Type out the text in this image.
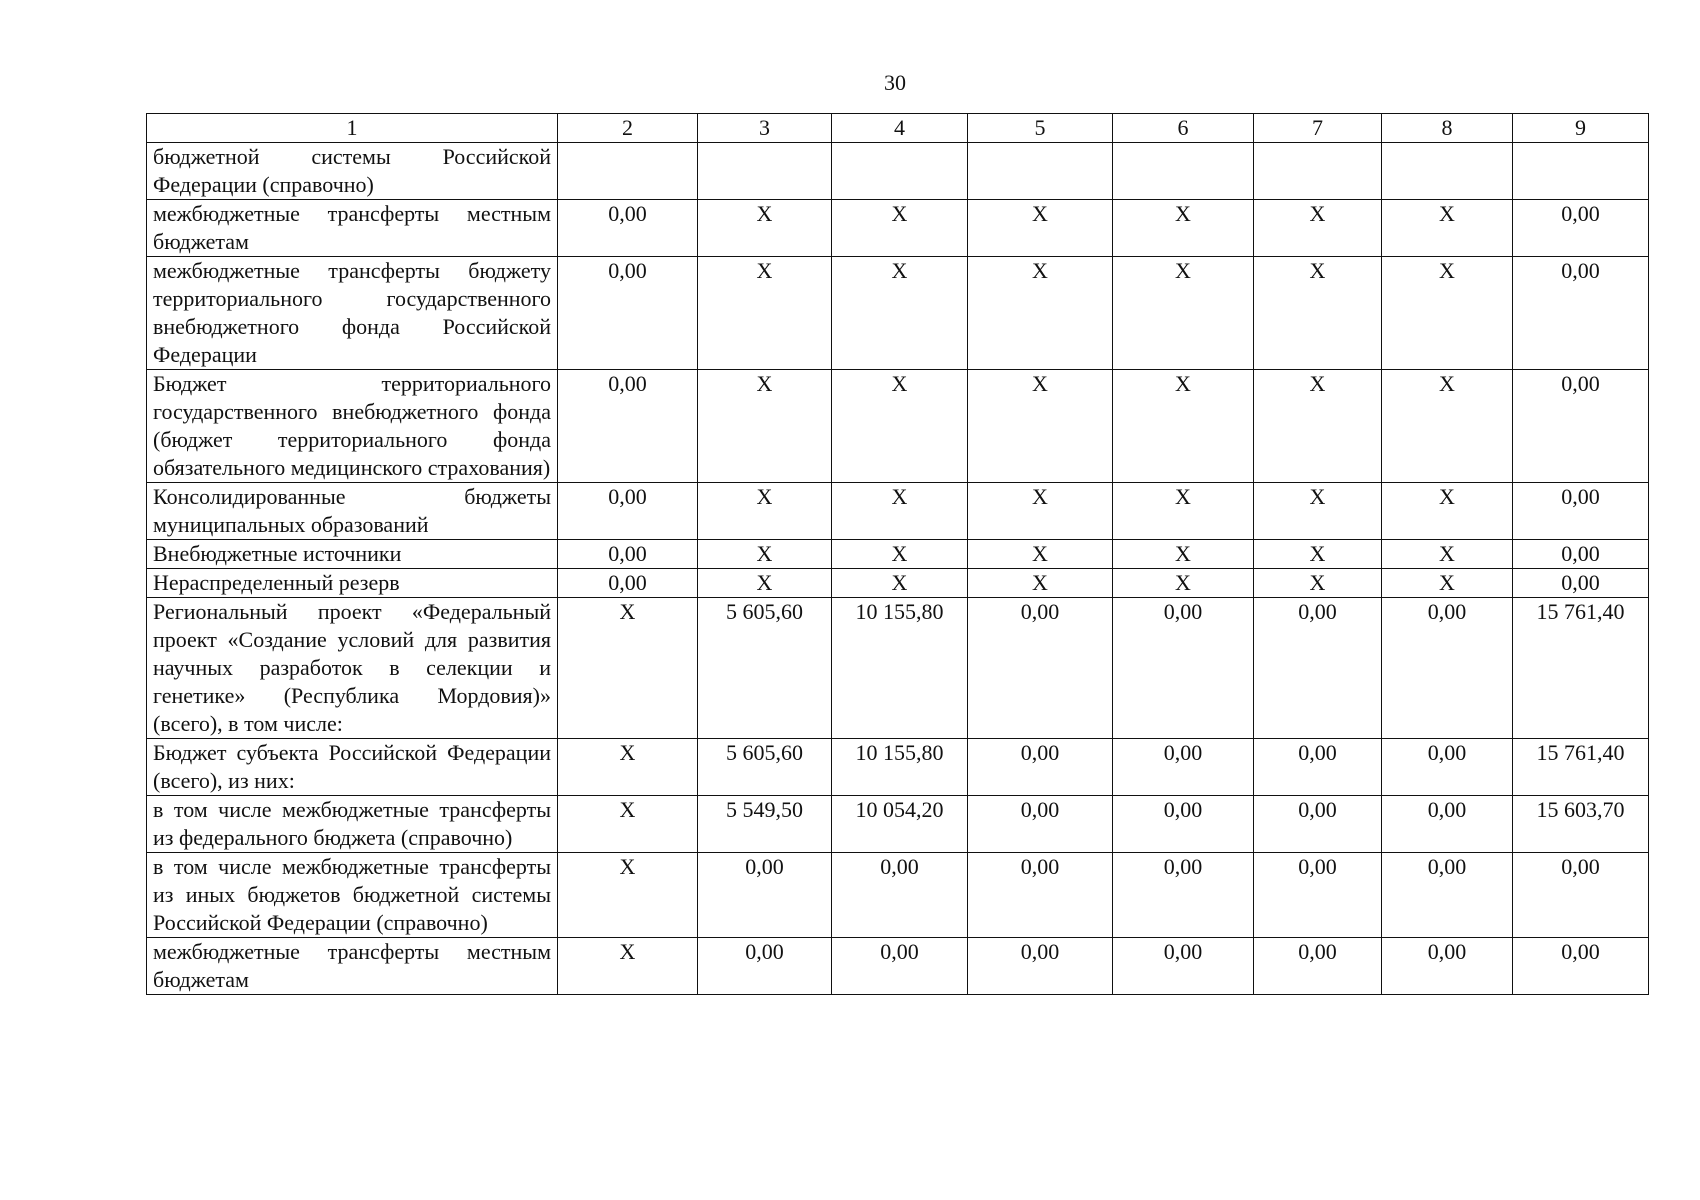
30
1	2	3	4	5	6	7	8	9
бюджетной системы Российской Федерации (справочно)								
межбюджетные трансферты местным бюджетам	0,00	X	X	X	X	X	X	0,00
межбюджетные трансферты бюджету территориального государственного внебюджетного фонда Российской Федерации	0,00	X	X	X	X	X	X	0,00
Бюджет территориального государственного внебюджетного фонда (бюджет территориального фонда обязательного медицинского страхования)	0,00	X	X	X	X	X	X	0,00
Консолидированные бюджеты муниципальных образований	0,00	X	X	X	X	X	X	0,00
Внебюджетные источники	0,00	X	X	X	X	X	X	0,00
Нераспределенный резерв	0,00	X	X	X	X	X	X	0,00
Региональный проект «Федеральный проект «Создание условий для развития научных разработок в селекции и генетике» (Республика Мордовия)» (всего), в том числе:	X	5 605,60	10 155,80	0,00	0,00	0,00	0,00	15 761,40
Бюджет субъекта Российской Федерации (всего), из них:	X	5 605,60	10 155,80	0,00	0,00	0,00	0,00	15 761,40
в том числе межбюджетные трансферты из федерального бюджета (справочно)	X	5 549,50	10 054,20	0,00	0,00	0,00	0,00	15 603,70
в том числе межбюджетные трансферты из иных бюджетов бюджетной системы Российской Федерации (справочно)	X	0,00	0,00	0,00	0,00	0,00	0,00	0,00
межбюджетные трансферты местным бюджетам	X	0,00	0,00	0,00	0,00	0,00	0,00	0,00
